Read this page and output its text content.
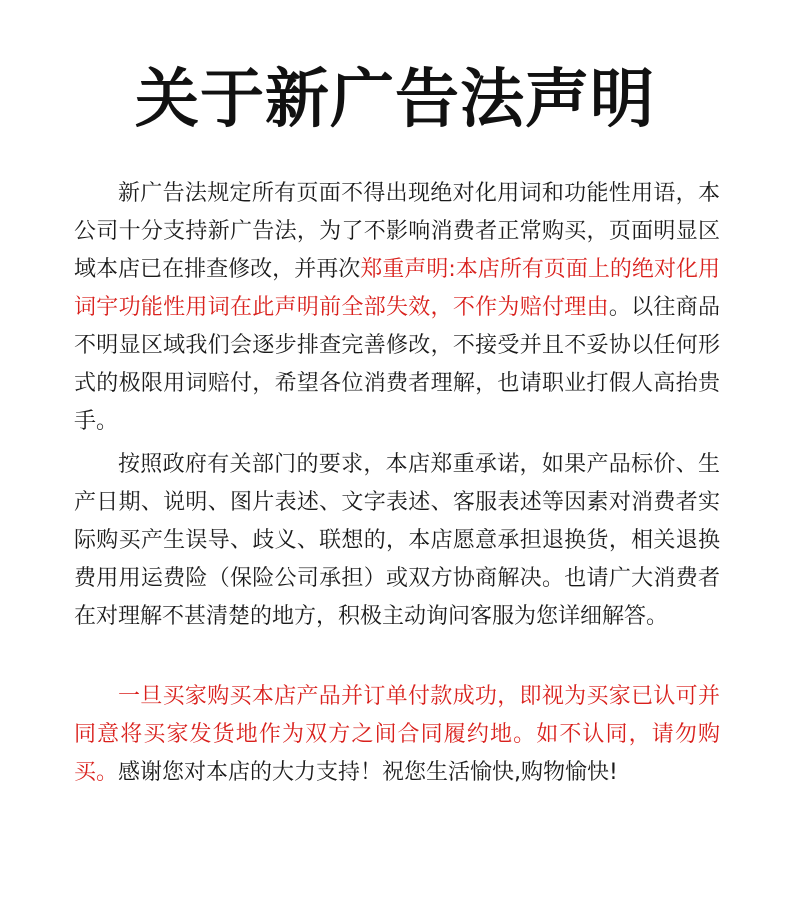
关于新广告法声明

新广告法规定所有页面不得出现绝对化用词和功能性用语，本公司十分支持新广告法，为了不影响消费者正常购买，页面明显区域本店已在排查修改，并再次郑重声明:本店所有页面上的绝对化用词宇功能性用词在此声明前全部失效，不作为赔付理由。以往商品不明显区域我们会逐步排查完善修改，不接受并且不妥协以任何形式的极限用词赔付，希望各位消费者理解，也请职业打假人高抬贵手。

按照政府有关部门的要求，本店郑重承诺，如果产品标价、生产日期、说明、图片表述、文字表述、客服表述等因素对消费者实际购买产生误导、歧义、联想的，本店愿意承担退换货，相关退换费用用运费险（保险公司承担）或双方协商解决。也请广大消费者在对理解不甚清楚的地方，积极主动询问客服为您详细解答。

一旦买家购买本店产品并订单付款成功，即视为买家已认可并同意将买家发货地作为双方之间合同履约地。如不认同，请勿购买。感谢您对本店的大力支持！祝您生活愉快,购物愉快!
